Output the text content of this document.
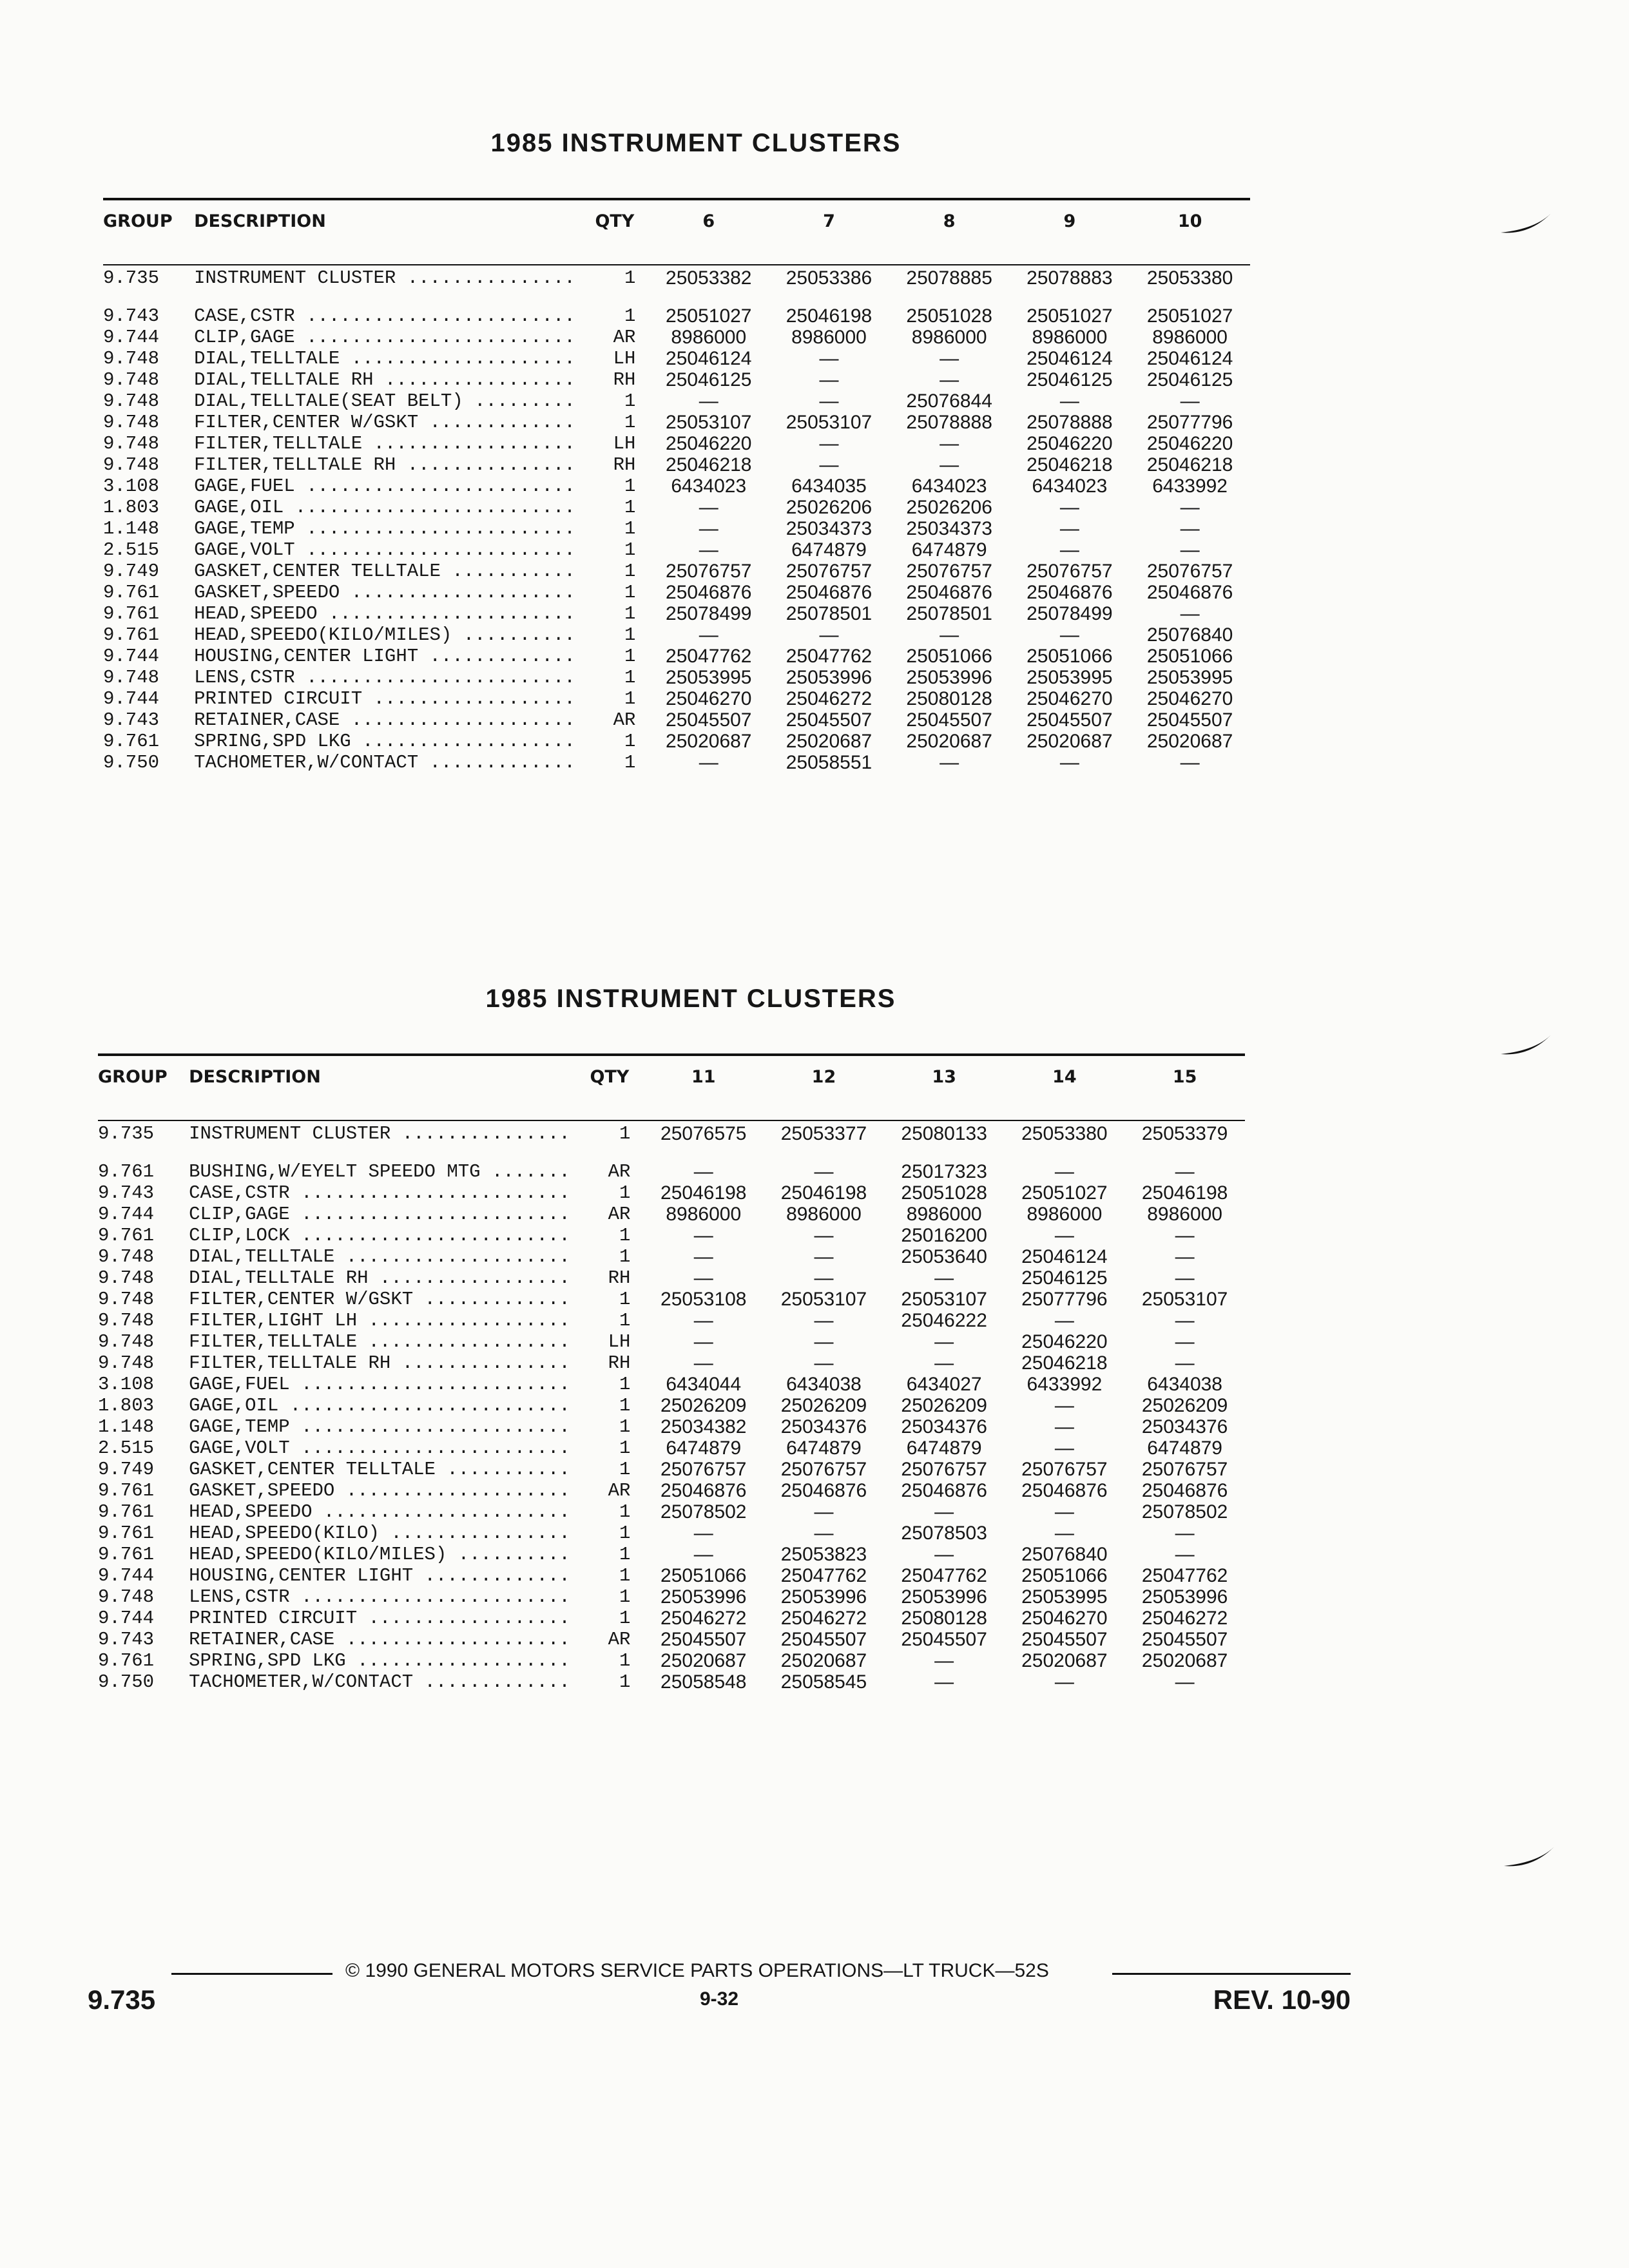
1985 INSTRUMENT CLUSTERS
GROUP	DESCRIPTION	QTY	6	7	8	9	10
9.735	INSTRUMENT CLUSTER ...............	1	25053382	25053386	25078885	25078883	25053380
9.743	CASE,CSTR ........................	1	25051027	25046198	25051028	25051027	25051027
9.744	CLIP,GAGE ........................	AR	8986000	8986000	8986000	8986000	8986000
9.748	DIAL,TELLTALE ....................	LH	25046124	—	—	25046124	25046124
9.748	DIAL,TELLTALE RH .................	RH	25046125	—	—	25046125	25046125
9.748	DIAL,TELLTALE(SEAT BELT) .........	1	—	—	25076844	—	—
9.748	FILTER,CENTER W/GSKT .............	1	25053107	25053107	25078888	25078888	25077796
9.748	FILTER,TELLTALE ..................	LH	25046220	—	—	25046220	25046220
9.748	FILTER,TELLTALE RH ...............	RH	25046218	—	—	25046218	25046218
3.108	GAGE,FUEL ........................	1	6434023	6434035	6434023	6434023	6433992
1.803	GAGE,OIL .........................	1	—	25026206	25026206	—	—
1.148	GAGE,TEMP ........................	1	—	25034373	25034373	—	—
2.515	GAGE,VOLT ........................	1	—	6474879	6474879	—	—
9.749	GASKET,CENTER TELLTALE ...........	1	25076757	25076757	25076757	25076757	25076757
9.761	GASKET,SPEEDO ....................	1	25046876	25046876	25046876	25046876	25046876
9.761	HEAD,SPEEDO ......................	1	25078499	25078501	25078501	25078499	—
9.761	HEAD,SPEEDO(KILO/MILES) ..........	1	—	—	—	—	25076840
9.744	HOUSING,CENTER LIGHT .............	1	25047762	25047762	25051066	25051066	25051066
9.748	LENS,CSTR ........................	1	25053995	25053996	25053996	25053995	25053995
9.744	PRINTED CIRCUIT ..................	1	25046270	25046272	25080128	25046270	25046270
9.743	RETAINER,CASE ....................	AR	25045507	25045507	25045507	25045507	25045507
9.761	SPRING,SPD LKG ...................	1	25020687	25020687	25020687	25020687	25020687
9.750	TACHOMETER,W/CONTACT .............	1	—	25058551	—	—	—
1985 INSTRUMENT CLUSTERS
GROUP	DESCRIPTION	QTY	11	12	13	14	15
9.735	INSTRUMENT CLUSTER ...............	1	25076575	25053377	25080133	25053380	25053379
9.761	BUSHING,W/EYELT SPEEDO MTG .......	AR	—	—	25017323	—	—
9.743	CASE,CSTR ........................	1	25046198	25046198	25051028	25051027	25046198
9.744	CLIP,GAGE ........................	AR	8986000	8986000	8986000	8986000	8986000
9.761	CLIP,LOCK ........................	1	—	—	25016200	—	—
9.748	DIAL,TELLTALE ....................	1	—	—	25053640	25046124	—
9.748	DIAL,TELLTALE RH .................	RH	—	—	—	25046125	—
9.748	FILTER,CENTER W/GSKT .............	1	25053108	25053107	25053107	25077796	25053107
9.748	FILTER,LIGHT LH ..................	1	—	—	25046222	—	—
9.748	FILTER,TELLTALE ..................	LH	—	—	—	25046220	—
9.748	FILTER,TELLTALE RH ...............	RH	—	—	—	25046218	—
3.108	GAGE,FUEL ........................	1	6434044	6434038	6434027	6433992	6434038
1.803	GAGE,OIL .........................	1	25026209	25026209	25026209	—	25026209
1.148	GAGE,TEMP ........................	1	25034382	25034376	25034376	—	25034376
2.515	GAGE,VOLT ........................	1	6474879	6474879	6474879	—	6474879
9.749	GASKET,CENTER TELLTALE ...........	1	25076757	25076757	25076757	25076757	25076757
9.761	GASKET,SPEEDO ....................	AR	25046876	25046876	25046876	25046876	25046876
9.761	HEAD,SPEEDO ......................	1	25078502	—	—	—	25078502
9.761	HEAD,SPEEDO(KILO) ................	1	—	—	25078503	—	—
9.761	HEAD,SPEEDO(KILO/MILES) ..........	1	—	25053823	—	25076840	—
9.744	HOUSING,CENTER LIGHT .............	1	25051066	25047762	25047762	25051066	25047762
9.748	LENS,CSTR ........................	1	25053996	25053996	25053996	25053995	25053996
9.744	PRINTED CIRCUIT ..................	1	25046272	25046272	25080128	25046270	25046272
9.743	RETAINER,CASE ....................	AR	25045507	25045507	25045507	25045507	25045507
9.761	SPRING,SPD LKG ...................	1	25020687	25020687	—	25020687	25020687
9.750	TACHOMETER,W/CONTACT .............	1	25058548	25058545	—	—	—
© 1990 GENERAL MOTORS SERVICE PARTS OPERATIONS—LT TRUCK—52S
9.735	9-32	REV. 10-90
